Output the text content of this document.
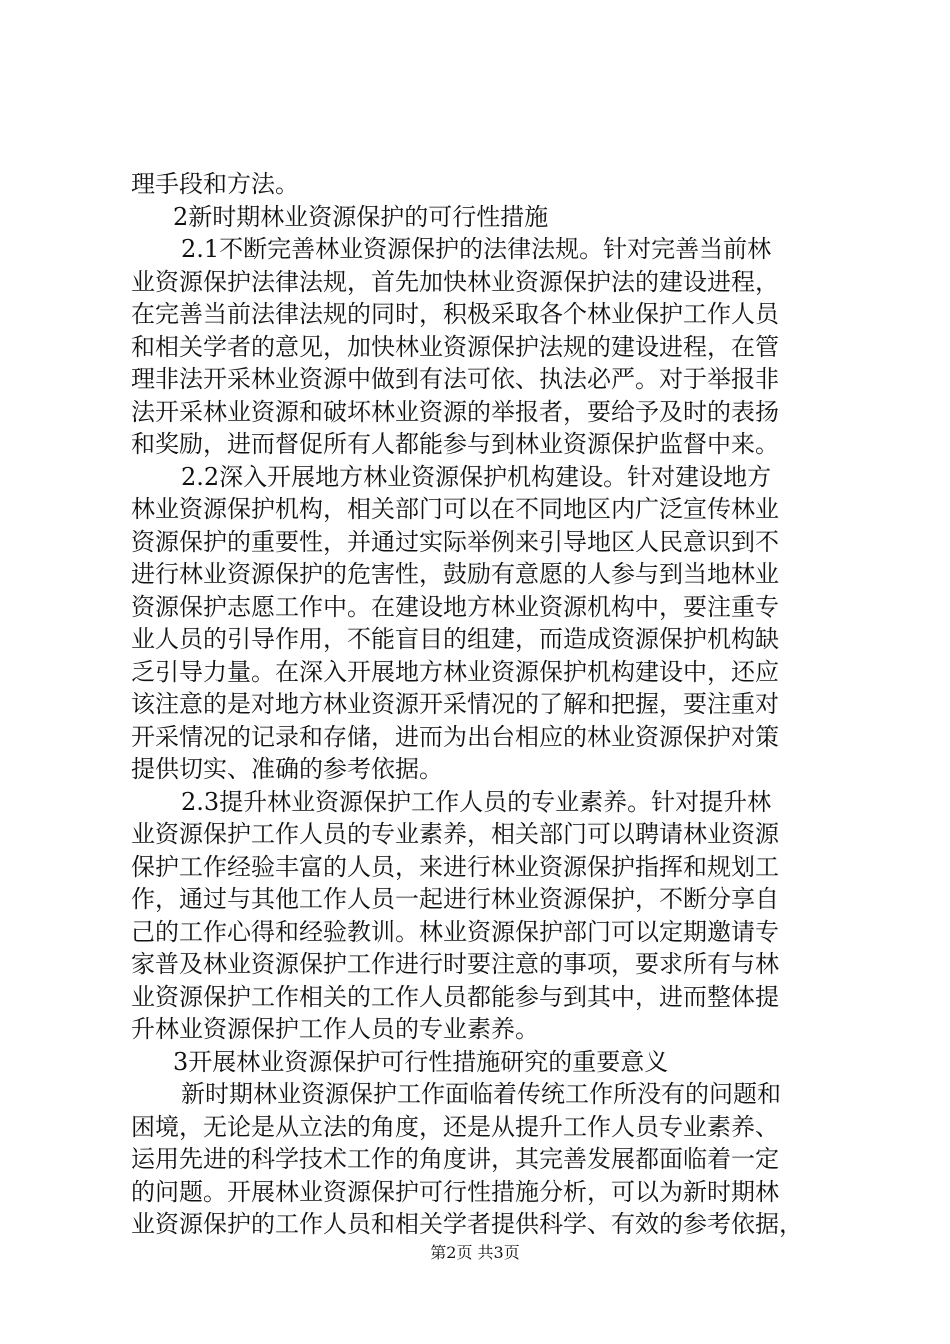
理手段和方法。
2新时期林业资源保护的可行性措施
2.1不断完善林业资源保护的法律法规。针对完善当前林
业资源保护法律法规，首先加快林业资源保护法的建设进程，
在完善当前法律法规的同时，积极采取各个林业保护工作人员
和相关学者的意见，加快林业资源保护法规的建设进程，在管
理非法开采林业资源中做到有法可依、执法必严。对于举报非
法开采林业资源和破坏林业资源的举报者，要给予及时的表扬
和奖励，进而督促所有人都能参与到林业资源保护监督中来。
2.2深入开展地方林业资源保护机构建设。针对建设地方
林业资源保护机构，相关部门可以在不同地区内广泛宣传林业
资源保护的重要性，并通过实际举例来引导地区人民意识到不
进行林业资源保护的危害性，鼓励有意愿的人参与到当地林业
资源保护志愿工作中。在建设地方林业资源机构中，要注重专
业人员的引导作用，不能盲目的组建，而造成资源保护机构缺
乏引导力量。在深入开展地方林业资源保护机构建设中，还应
该注意的是对地方林业资源开采情况的了解和把握，要注重对
开采情况的记录和存储，进而为出台相应的林业资源保护对策
提供切实、准确的参考依据。
2.3提升林业资源保护工作人员的专业素养。针对提升林
业资源保护工作人员的专业素养，相关部门可以聘请林业资源
保护工作经验丰富的人员，来进行林业资源保护指挥和规划工
作，通过与其他工作人员一起进行林业资源保护，不断分享自
己的工作心得和经验教训。林业资源保护部门可以定期邀请专
家普及林业资源保护工作进行时要注意的事项，要求所有与林
业资源保护工作相关的工作人员都能参与到其中，进而整体提
升林业资源保护工作人员的专业素养。
3开展林业资源保护可行性措施研究的重要意义
新时期林业资源保护工作面临着传统工作所没有的问题和
困境，无论是从立法的角度，还是从提升工作人员专业素养、
运用先进的科学技术工作的角度讲，其完善发展都面临着一定
的问题。开展林业资源保护可行性措施分析，可以为新时期林
业资源保护的工作人员和相关学者提供科学、有效的参考依据，
第2页 共3页
